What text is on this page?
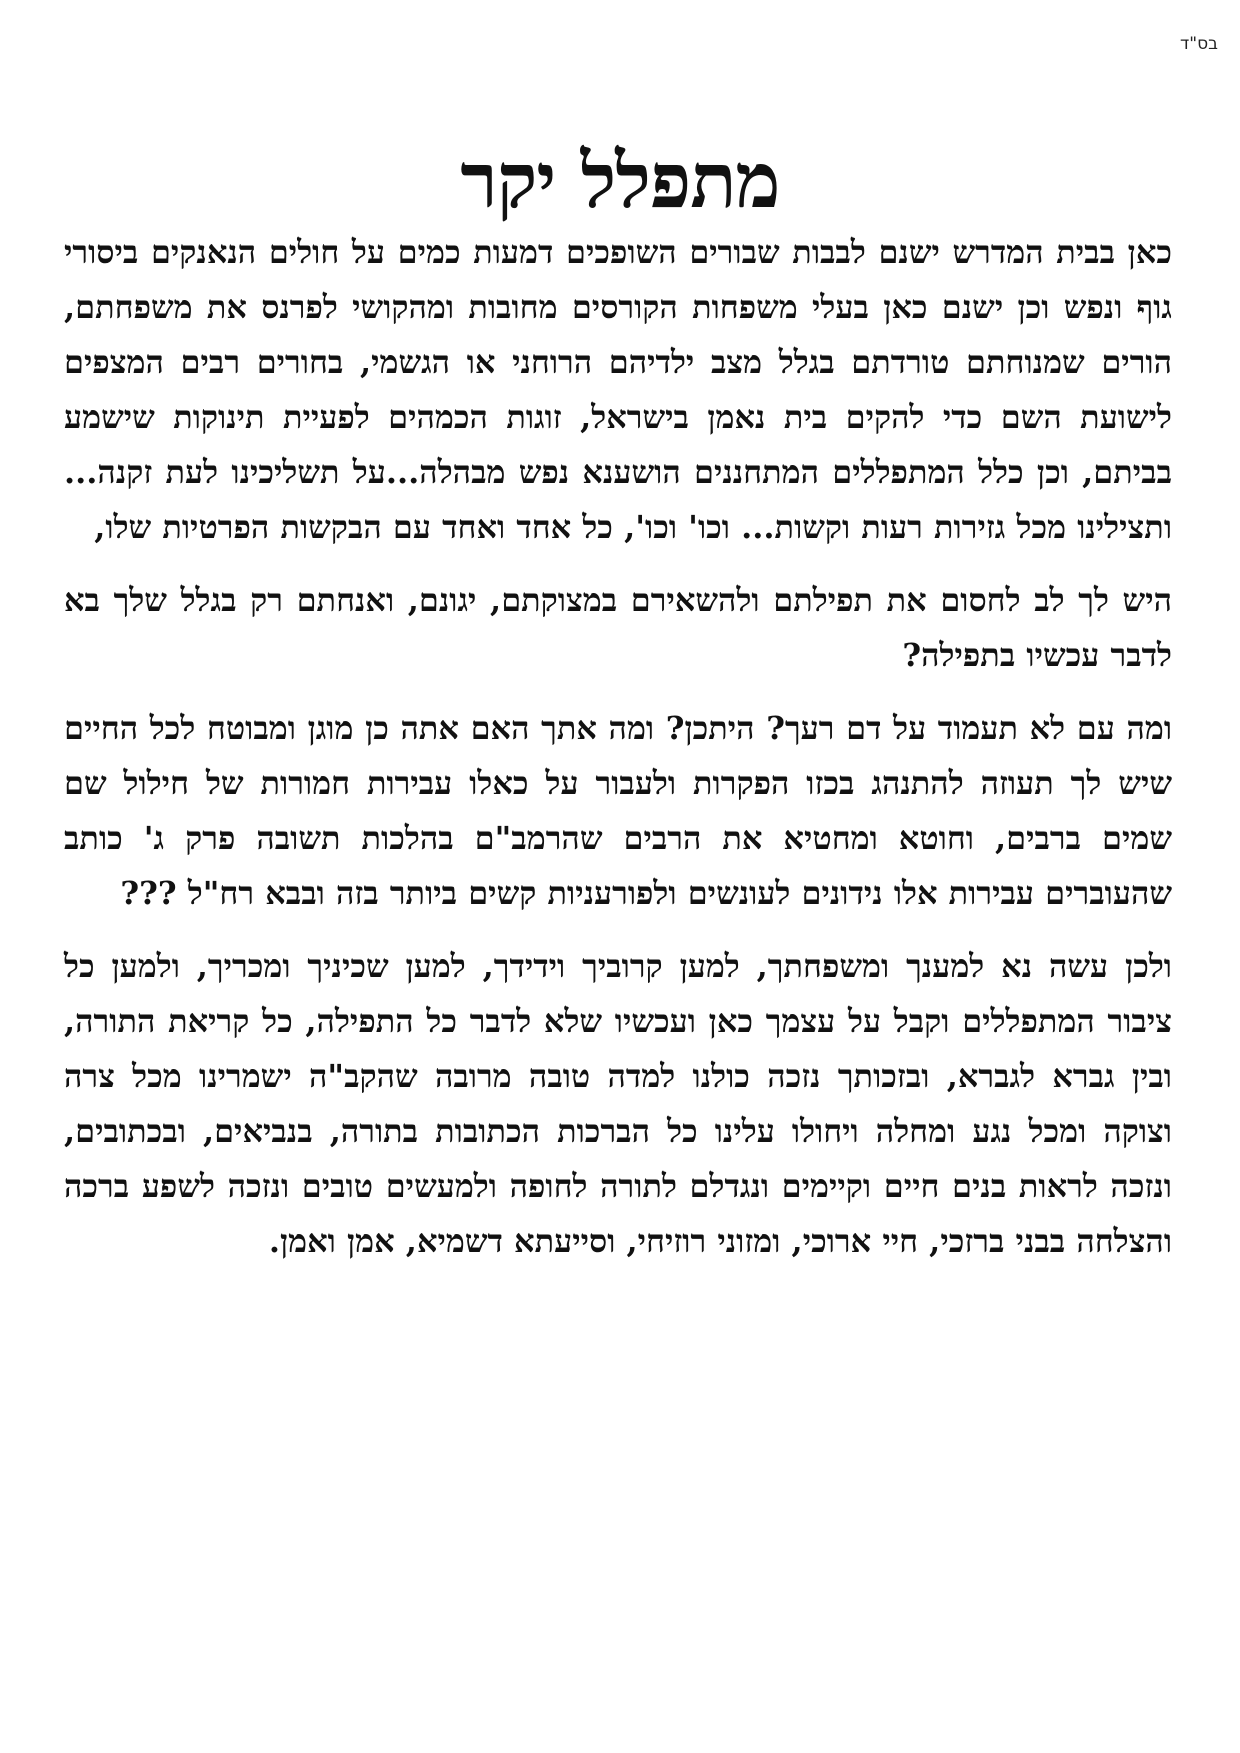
בס"ד
מתפלל יקר

כאן בבית המדרש ישנם לבבות שבורים השופכים דמעות כמים על חולים הנאנקים ביסורי גוף ונפש וכן ישנם כאן בעלי משפחות הקורסים מחובות ומהקושי לפרנס את משפחתם, הורים שמנוחתם טורדתם בגלל מצב ילדיהם הרוחני או הגשמי, בחורים רבים המצפים לישועת השם כדי להקים בית נאמן בישראל, זוגות הכמהים לפעיית תינוקות שישמע בביתם, וכן כלל המתפללים המתחננים הושענא נפש מבהלה...על תשליכינו לעת זקנה... ותצילינו מכל גזירות רעות וקשות... וכו' וכו', כל אחד ואחד עם הבקשות הפרטיות שלו,

היש לך לב לחסום את תפילתם ולהשאירם במצוקתם, יגונם, ואנחתם רק בגלל שלך בא לדבר עכשיו בתפילה?

ומה עם לא תעמוד על דם רעך? היתכן? ומה אתך האם אתה כן מוגן ומבוטח לכל החיים שיש לך תעוזה להתנהג בכזו הפקרות ולעבור על כאלו עבירות חמורות של חילול שם שמים ברבים, וחוטא ומחטיא את הרבים שהרמב"ם בהלכות תשובה פרק ג' כותב שהעוברים עבירות אלו נידונים לעונשים ולפורעניות קשים ביותר בזה ובבא רח"ל ???

ולכן עשה נא למענך ומשפחתך, למען קרוביך וידידך, למען שכיניך ומכריך, ולמען כל ציבור המתפללים וקבל על עצמך כאן ועכשיו שלא לדבר כל התפילה, כל קריאת התורה, ובין גברא לגברא, ובזכותך נזכה כולנו למדה טובה מרובה שהקב"ה ישמרינו מכל צרה וצוקה ומכל נגע ומחלה ויחולו עלינו כל הברכות הכתובות בתורה, בנביאים, ובכתובים, ונזכה לראות בנים חיים וקיימים ונגדלם לתורה לחופה ולמעשים טובים ונזכה לשפע ברכה והצלחה בבני ברזכי, חיי ארוכי, ומזוני רוזיחי, וסייעתא דשמיא, אמן ואמן.
